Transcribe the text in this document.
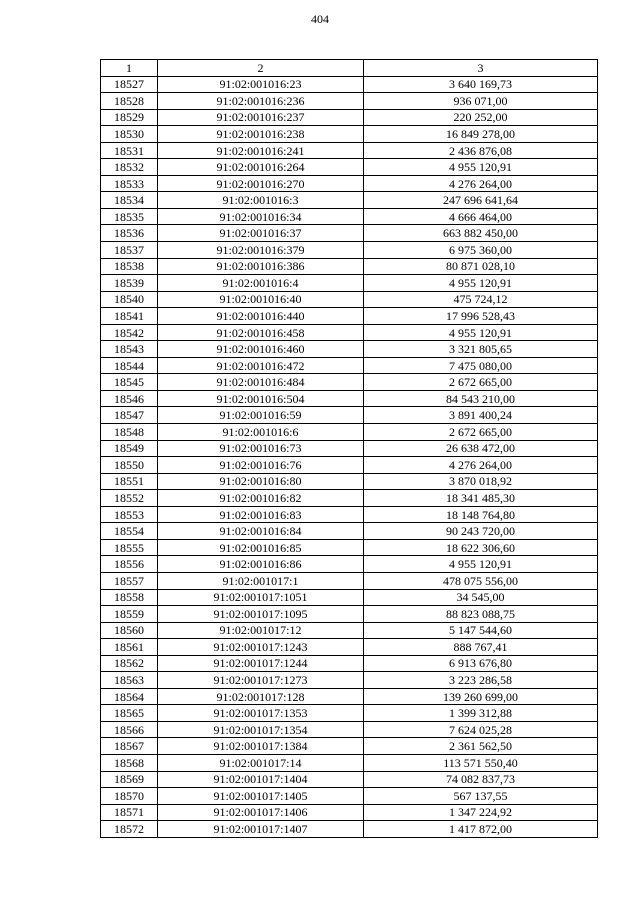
404
1	2	3
18527	91:02:001016:23	3 640 169,73
18528	91:02:001016:236	936 071,00
18529	91:02:001016:237	220 252,00
18530	91:02:001016:238	16 849 278,00
18531	91:02:001016:241	2 436 876,08
18532	91:02:001016:264	4 955 120,91
18533	91:02:001016:270	4 276 264,00
18534	91:02:001016:3	247 696 641,64
18535	91:02:001016:34	4 666 464,00
18536	91:02:001016:37	663 882 450,00
18537	91:02:001016:379	6 975 360,00
18538	91:02:001016:386	80 871 028,10
18539	91:02:001016:4	4 955 120,91
18540	91:02:001016:40	475 724,12
18541	91:02:001016:440	17 996 528,43
18542	91:02:001016:458	4 955 120,91
18543	91:02:001016:460	3 321 805,65
18544	91:02:001016:472	7 475 080,00
18545	91:02:001016:484	2 672 665,00
18546	91:02:001016:504	84 543 210,00
18547	91:02:001016:59	3 891 400,24
18548	91:02:001016:6	2 672 665,00
18549	91:02:001016:73	26 638 472,00
18550	91:02:001016:76	4 276 264,00
18551	91:02:001016:80	3 870 018,92
18552	91:02:001016:82	18 341 485,30
18553	91:02:001016:83	18 148 764,80
18554	91:02:001016:84	90 243 720,00
18555	91:02:001016:85	18 622 306,60
18556	91:02:001016:86	4 955 120,91
18557	91:02:001017:1	478 075 556,00
18558	91:02:001017:1051	34 545,00
18559	91:02:001017:1095	88 823 088,75
18560	91:02:001017:12	5 147 544,60
18561	91:02:001017:1243	888 767,41
18562	91:02:001017:1244	6 913 676,80
18563	91:02:001017:1273	3 223 286,58
18564	91:02:001017:128	139 260 699,00
18565	91:02:001017:1353	1 399 312,88
18566	91:02:001017:1354	7 624 025,28
18567	91:02:001017:1384	2 361 562,50
18568	91:02:001017:14	113 571 550,40
18569	91:02:001017:1404	74 082 837,73
18570	91:02:001017:1405	567 137,55
18571	91:02:001017:1406	1 347 224,92
18572	91:02:001017:1407	1 417 872,00
